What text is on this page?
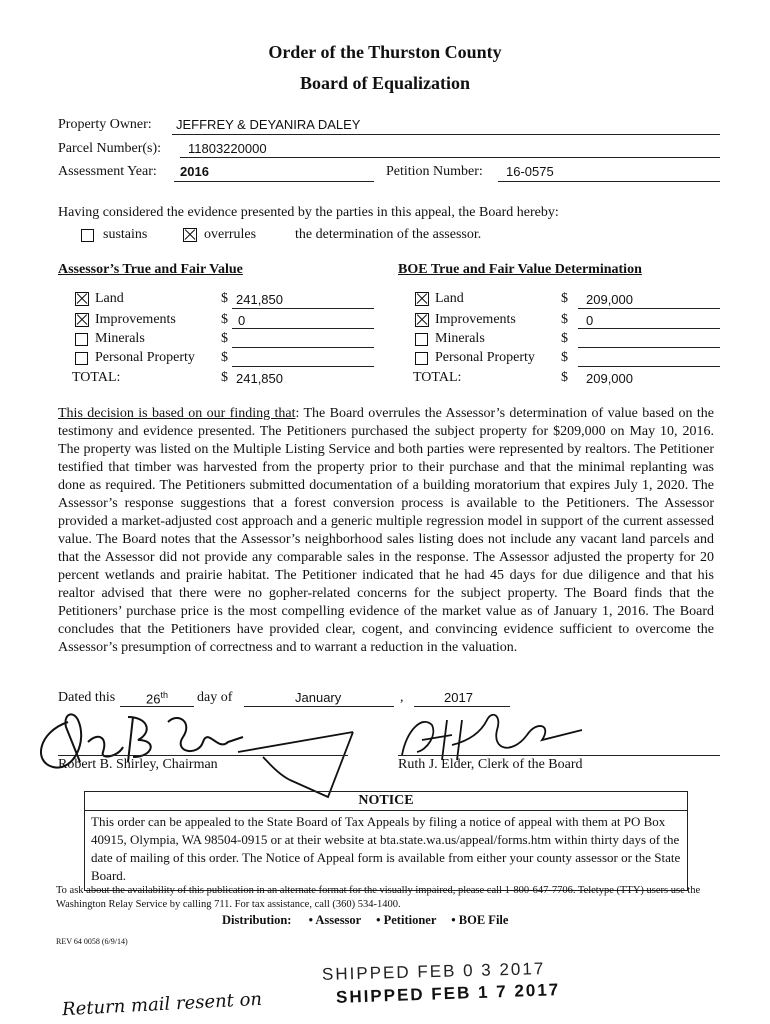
Order of the Thurston County
Board of Equalization
Property Owner: JEFFREY & DEYANIRA DALEY
Parcel Number(s): 11803220000
Assessment Year: 2016	Petition Number: 16-0575
Having considered the evidence presented by the parties in this appeal, the Board hereby:
sustains	overrules	the determination of the assessor.
Assessor’s True and Fair Value	BOE True and Fair Value Determination
Land	$ 241,850
Improvements	$ 0
Minerals	$
Personal Property $
TOTAL:	$ 241,850
Land	$ 209,000
Improvements	$ 0
Minerals	$
Personal Property $
TOTAL:	$ 209,000
This decision is based on our finding that: The Board overrules the Assessor’s determination of value based on the testimony and evidence presented. The Petitioners purchased the subject property for $209,000 on May 10, 2016. The property was listed on the Multiple Listing Service and both parties were represented by realtors. The Petitioner testified that timber was harvested from the property prior to their purchase and that the minimal replanting was done as required. The Petitioners submitted documentation of a building moratorium that expires July 1, 2020. The Assessor’s response suggestions that a forest conversion process is available to the Petitioners. The Assessor provided a market-adjusted cost approach and a generic multiple regression model in support of the current assessed value. The Board notes that the Assessor’s neighborhood sales listing does not include any vacant land parcels and that the Assessor did not provide any comparable sales in the response. The Assessor adjusted the property for 20 percent wetlands and prairie habitat. The Petitioner indicated that he had 45 days for due diligence and that his realtor advised that there were no gopher-related concerns for the subject property. The Board finds that the Petitioners’ purchase price is the most compelling evidence of the market value as of January 1, 2016. The Board concludes that the Petitioners have provided clear, cogent, and convincing evidence sufficient to overcome the Assessor’s presumption of correctness and to warrant a reduction in the valuation.
Dated this 26th day of	January	,	2017
Robert B. Shirley, Chairman	Ruth J. Elder, Clerk of the Board
NOTICE
This order can be appealed to the State Board of Tax Appeals by filing a notice of appeal with them at PO Box 40915, Olympia, WA 98504-0915 or at their website at bta.state.wa.us/appeal/forms.htm within thirty days of the date of mailing of this order. The Notice of Appeal form is available from either your county assessor or the State Board.
To ask about the availability of this publication in an alternate format for the visually impaired, please call 1-800-647-7706. Teletype (TTY) users use the Washington Relay Service by calling 711. For tax assistance, call (360) 534-1400.
Distribution: • Assessor • Petitioner • BOE File
REV 64 0058 (6/9/14)
SHIPPED FEB 0 3 2017
SHIPPED FEB 1 7 2017
Return mail resent on
